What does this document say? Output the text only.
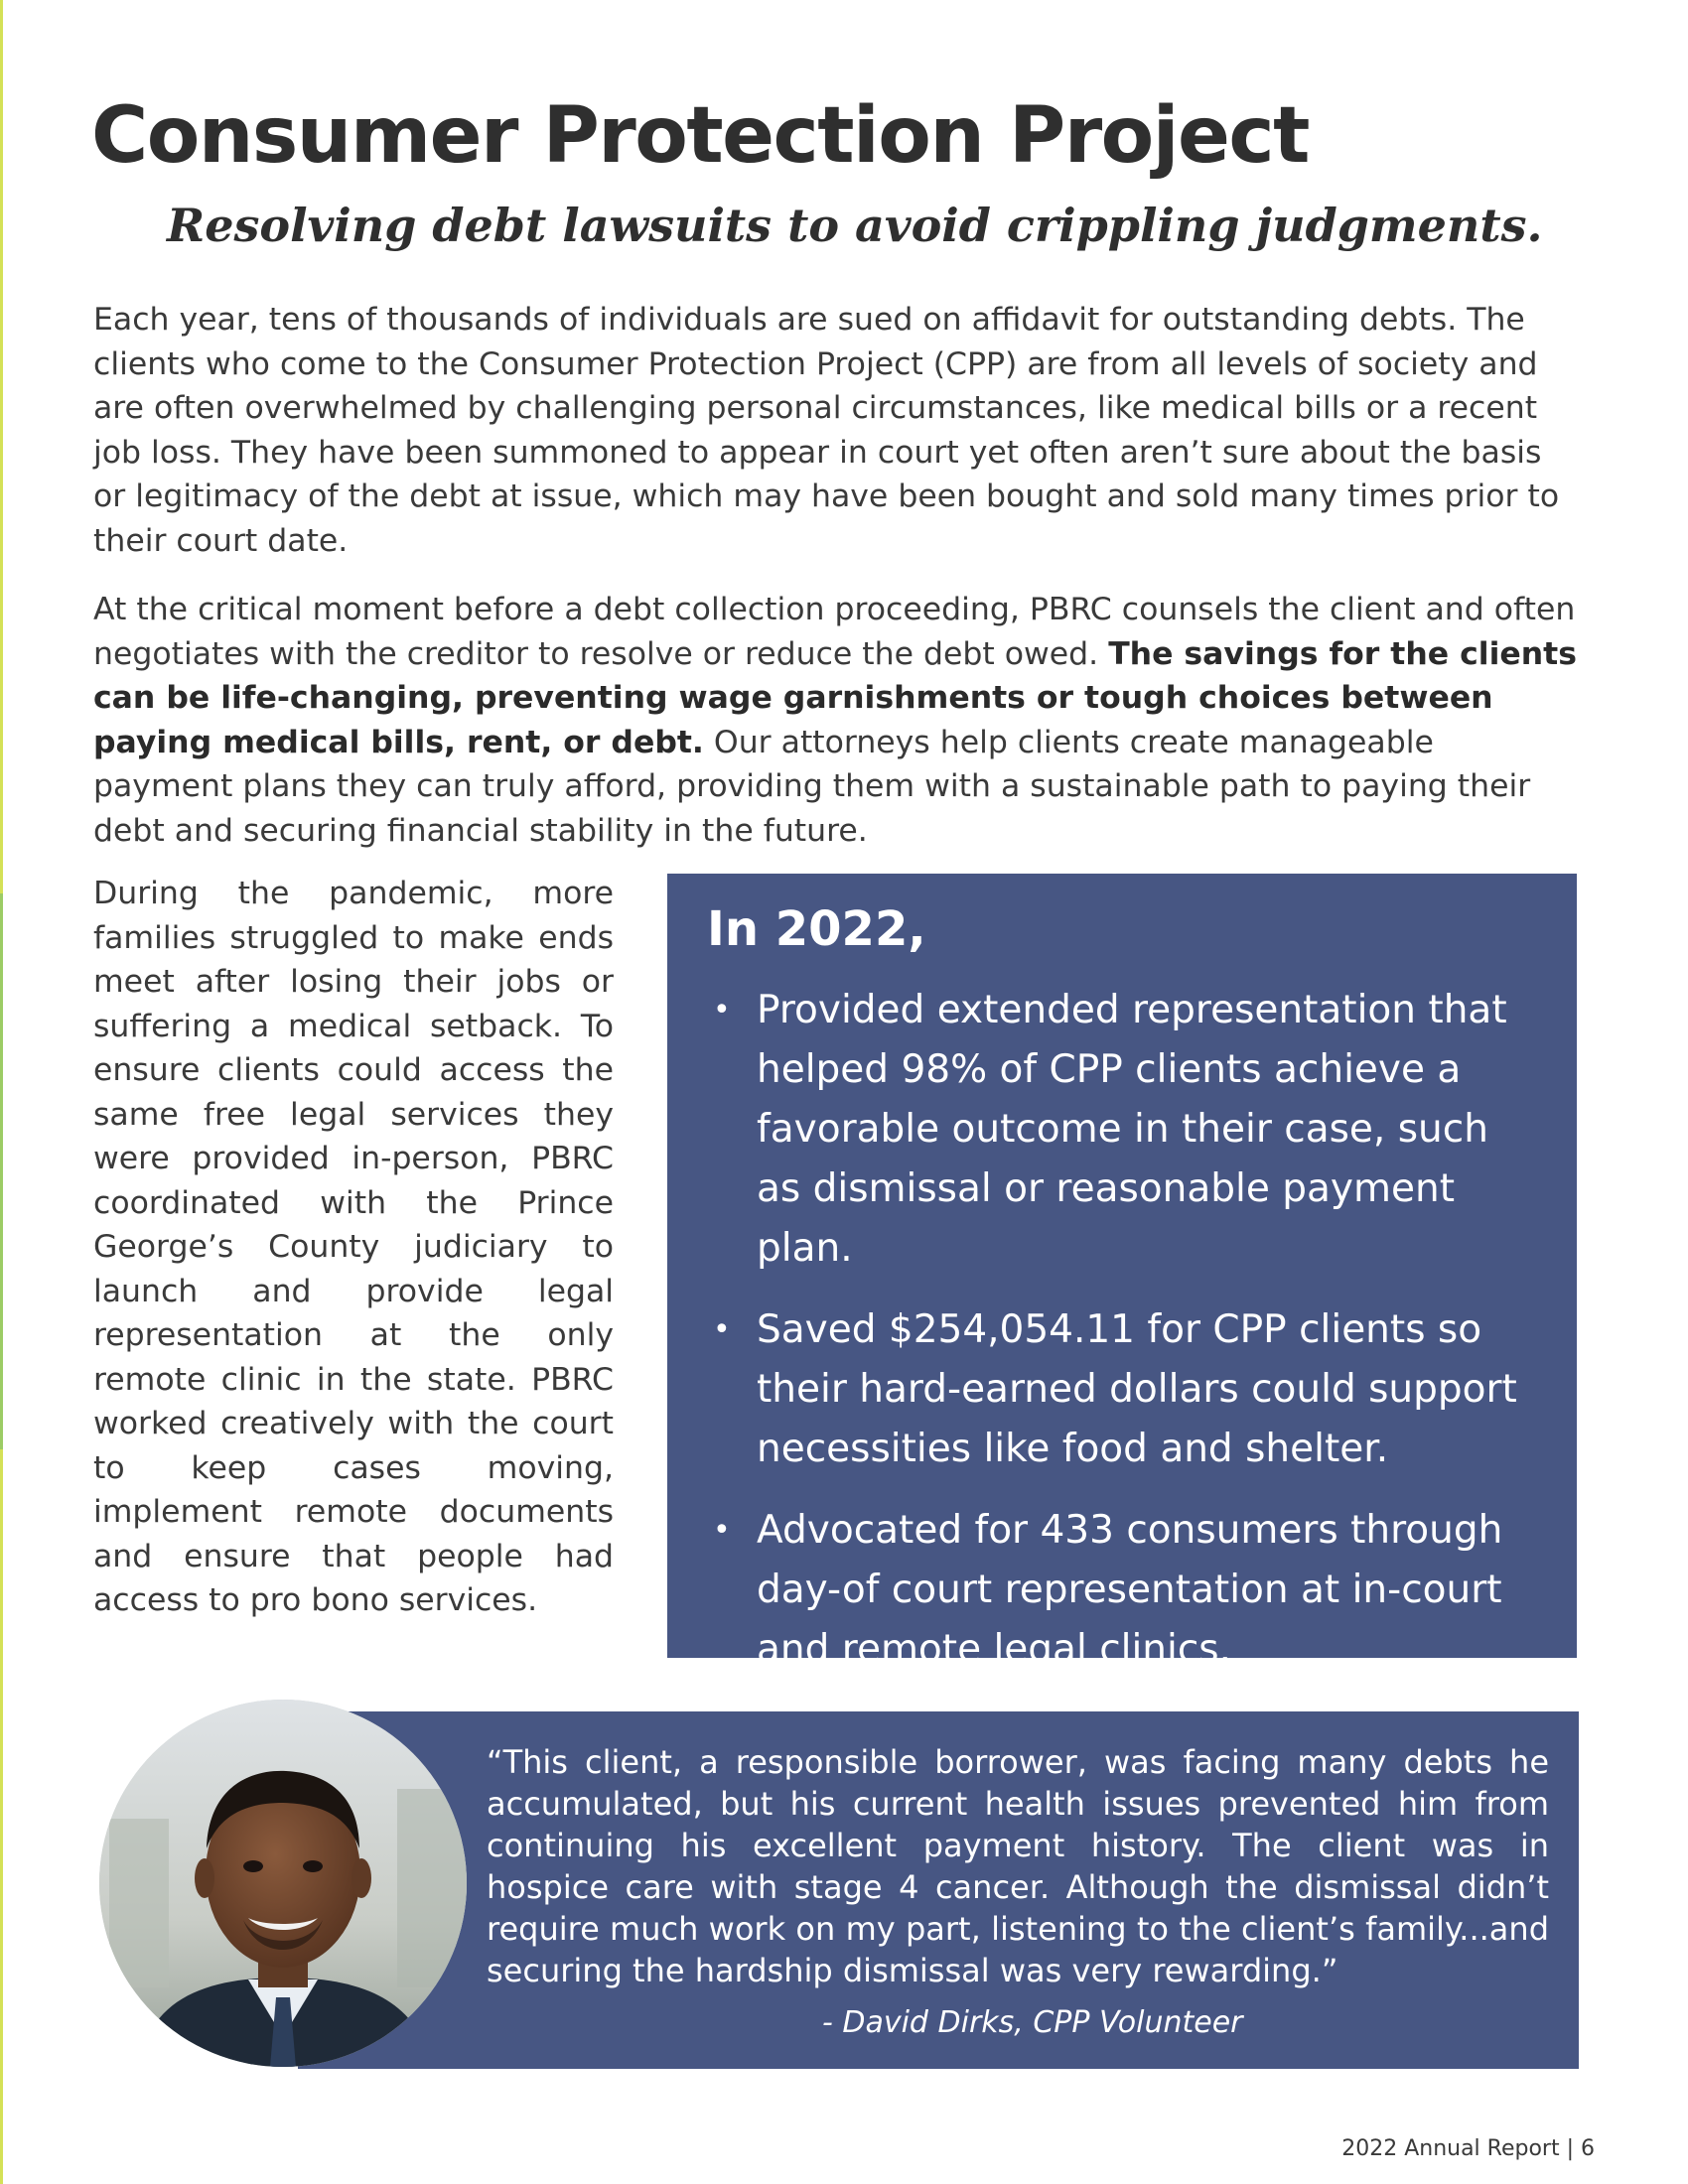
Consumer Protection Project
Resolving debt lawsuits to avoid crippling judgments.

Each year, tens of thousands of individuals are sued on affidavit for outstanding debts. The clients who come to the Consumer Protection Project (CPP) are from all levels of society and are often overwhelmed by challenging personal circumstances, like medical bills or a recent job loss. They have been summoned to appear in court yet often aren’t sure about the basis or legitimacy of the debt at issue, which may have been bought and sold many times prior to their court date.

At the critical moment before a debt collection proceeding, PBRC counsels the client and often negotiates with the creditor to resolve or reduce the debt owed. The savings for the clients can be life-changing, preventing wage garnishments or tough choices between paying medical bills, rent, or debt. Our attorneys help clients create manageable payment plans they can truly afford, providing them with a sustainable path to paying their debt and securing financial stability in the future.

During the pandemic, more families struggled to make ends meet after losing their jobs or suffering a medical setback. To ensure clients could access the same free legal services they were provided in-person, PBRC coordinated with the Prince George’s County judiciary to launch and provide legal representation at the only remote clinic in the state. PBRC worked creatively with the court to keep cases moving, implement remote documents and ensure that people had access to pro bono services.

In 2022,
• Provided extended representation that helped 98% of CPP clients achieve a favorable outcome in their case, such as dismissal or reasonable payment plan.
• Saved $254,054.11 for CPP clients so their hard-earned dollars could support necessities like food and shelter.
• Advocated for 433 consumers through day-of court representation at in-court and remote legal clinics.

“This client, a responsible borrower, was facing many debts he accumulated, but his current health issues prevented him from continuing his excellent payment history. The client was in hospice care with stage 4 cancer. Although the dismissal didn’t require much work on my part, listening to the client’s family...and securing the hardship dismissal was very rewarding.”

- David Dirks, CPP Volunteer

2022 Annual Report | 6
